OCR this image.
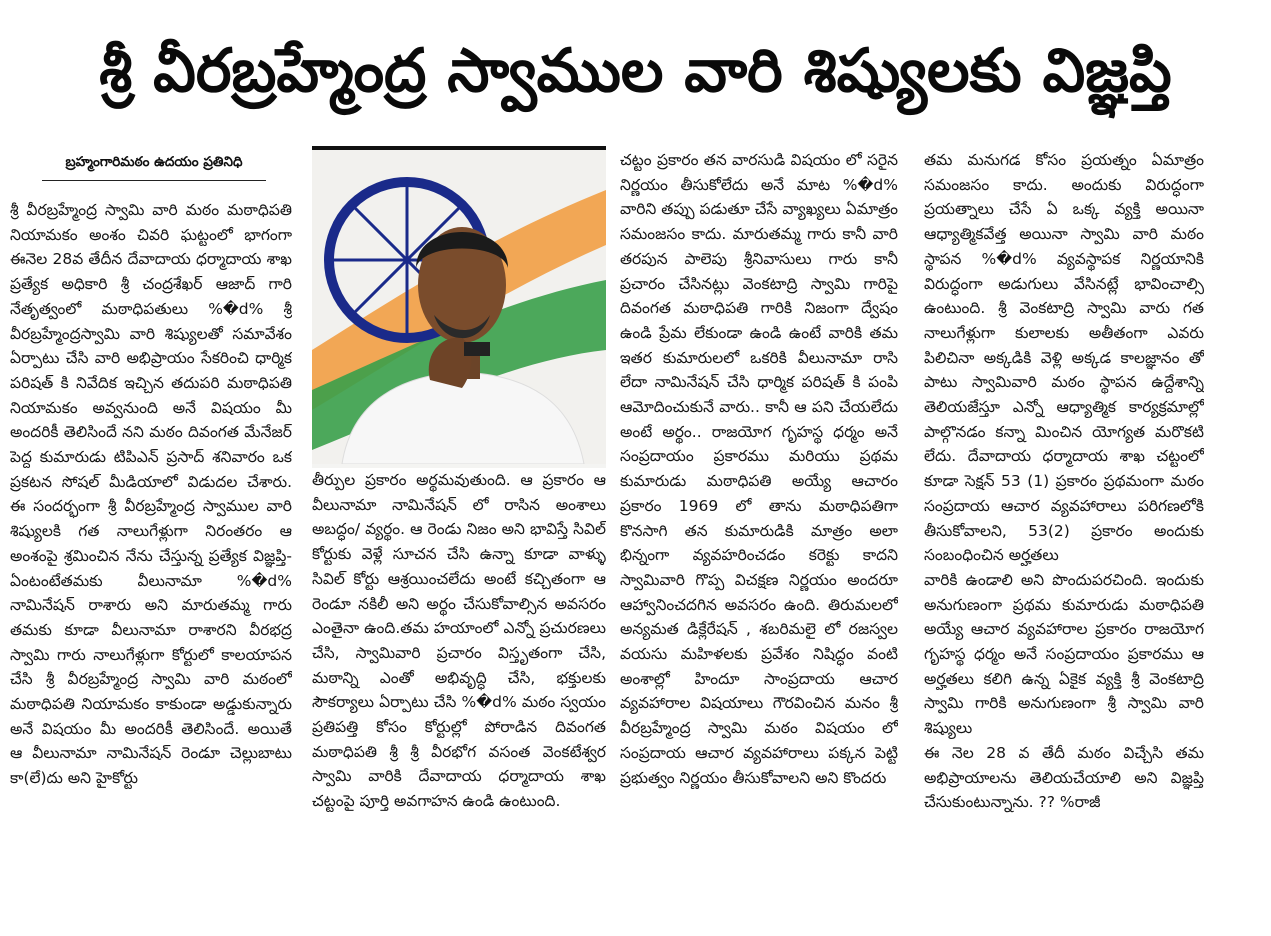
శ్రీ వీరబ్రహ్మేంద్ర స్వాముల వారి శిష్యులకు విజ్ఞప్తి
బ్రహ్మంగారిమఠం ఉదయం ప్రతినిధి

శ్రీ వీరబ్రహ్మేంద్ర స్వామి వారి మఠం మఠాధిపతి నియామకం అంశం చివరి ఘట్టంలో భాగంగా ఈనెల 28వ తేదీన దేవాదాయ ధర్మాదాయ శాఖ ప్రత్యేక అధికారి శ్రీ చంద్రశేఖర్ ఆజాద్ గారి నేతృత్వంలో మఠాధిపతులు %�d% శ్రీ వీరబ్రహ్మేంద్రస్వామి వారి శిష్యులతో సమావేశం ఏర్పాటు చేసి వారి అభిప్రాయం సేకరించి ధార్మిక పరిషత్ కి నివేదిక ఇచ్చిన తదుపరి మఠాధిపతి నియామకం అవ్వనుంది అనే విషయం మీ అందరికీ తెలిసిందే నని మఠం దివంగత మేనేజర్ పెద్ద కుమారుడు టిపిఎన్ ప్రసాద్ శనివారం ఒక ప్రకటన సోషల్ మీడియాలో విడుదల చేశారు. ఈ సందర్భంగా శ్రీ వీరబ్రహ్మేంద్ర స్వాముల వారి శిష్యులకి గత నాలుగేళ్లుగా నిరంతరం ఆ అంశంపై శ్రమించిన నేను చేస్తున్న ప్రత్యేక విజ్ఞప్తి- ఏంటంటేతమకు వీలునామా %�d% నామినేషన్ రాశారు అని మారుతమ్మ గారు తమకు కూడా వీలునామా రాశారని వీరభద్ర స్వామి గారు నాలుగేళ్లుగా కోర్టులో కాలయాపన చేసి శ్రీ వీరబ్రహ్మేంద్ర స్వామి వారి మఠంలో మఠాధిపతి నియామకం కాకుండా అడ్డుకున్నారు అనే విషయం మీ అందరికీ తెలిసిందే. అయితే ఆ వీలునామా నామినేషన్ రెండూ చెల్లుబాటు కా(లే)దు అని హైకోర్టు

తీర్పుల ప్రకారం అర్థమవుతుంది. ఆ ప్రకారం ఆ వీలునామా నామినేషన్ లో రాసిన అంశాలు అబద్ధం/ వ్యర్థం. ఆ రెండు నిజం అని భావిస్తే సివిల్ కోర్టుకు వెళ్లే సూచన చేసి ఉన్నా కూడా వాళ్ళు సివిల్ కోర్టు ఆశ్రయించలేదు అంటే కచ్చితంగా ఆ రెండూ నకిలీ అని అర్థం చేసుకోవాల్సిన అవసరం ఎంతైనా ఉంది.తమ హయాంలో ఎన్నో ప్రచురణలు చేసి, స్వామివారి ప్రచారం విస్తృతంగా చేసి, మఠాన్ని ఎంతో అభివృద్ధి చేసి, భక్తులకు సౌకర్యాలు ఏర్పాటు చేసి %�d% మఠం స్వయం ప్రతిపత్తి కోసం కోర్టుల్లో పోరాడిన దివంగత మఠాధిపతి శ్రీ శ్రీ వీరభోగ వసంత వెంకటేశ్వర స్వామి వారికి దేవాదాయ ధర్మాదాయ శాఖ చట్టంపై పూర్తి అవగాహన ఉండి ఉంటుంది.

చట్టం ప్రకారం తన వారసుడి విషయం లో సరైన నిర్ణయం తీసుకోలేదు అనే మాట %�d% వారిని తప్పు పడుతూ చేసే వ్యాఖ్యలు ఏమాత్రం సమంజసం కాదు. మారుతమ్మ గారు కానీ వారి తరపున పాలెపు శ్రీనివాసులు గారు కానీ ప్రచారం చేసినట్లు వెంకటాద్రి స్వామి గారిపై దివంగత మఠాధిపతి గారికి నిజంగా ద్వేషం ఉండి ప్రేమ లేకుండా ఉండి ఉంటే వారికి తమ ఇతర కుమారులలో ఒకరికి వీలునామా రాసి లేదా నామినేషన్ చేసి ధార్మిక పరిషత్ కి పంపి ఆమోదించుకునే వారు.. కానీ ఆ పని చేయలేదు అంటే అర్థం.. రాజయోగ గృహస్థ ధర్మం అనే సంప్రదాయం ప్రకారము మరియు ప్రథమ కుమారుడు మఠాధిపతి అయ్యే ఆచారం ప్రకారం 1969 లో తాను మఠాధిపతిగా కొనసాగి తన కుమారుడికి మాత్రం అలా భిన్నంగా వ్యవహరించడం కరెక్టు కాదని స్వామివారి గొప్ప విచక్షణ నిర్ణయం అందరూ ఆహ్వానించదగిన అవసరం ఉంది. తిరుమలలో అన్యమత డిక్లేరేషన్ , శబరిమలై లో రజస్వల వయసు మహిళలకు ప్రవేశం నిషిద్ధం వంటి అంశాల్లో హిందూ సాంప్రదాయ ఆచార వ్యవహారాల విషయాలు గౌరవించిన మనం శ్రీ వీరబ్రహ్మేంద్ర స్వామి మఠం విషయం లో సంప్రదాయ ఆచార వ్యవహారాలు పక్కన పెట్టి ప్రభుత్వం నిర్ణయం తీసుకోవాలని అని కొందరు

తమ మనుగడ కోసం ప్రయత్నం ఏమాత్రం సమంజసం కాదు. అందుకు విరుద్ధంగా ప్రయత్నాలు చేసే ఏ ఒక్క వ్యక్తి అయినా ఆధ్యాత్మికవేత్త అయినా స్వామి వారి మఠం స్థాపన %�d% వ్యవస్థాపక నిర్ణయానికి విరుద్ధంగా అడుగులు వేసినట్లే భావించాల్సి ఉంటుంది. శ్రీ వెంకటాద్రి స్వామి వారు గత నాలుగేళ్లుగా కులాలకు అతీతంగా ఎవరు పిలిచినా అక్కడికి వెళ్లి అక్కడ కాలజ్ఞానం తో పాటు స్వామివారి మఠం స్థాపన ఉద్దేశాన్ని తెలియజేస్తూ ఎన్నో ఆధ్యాత్మిక కార్యక్రమాల్లో పాల్గొనడం కన్నా మించిన యోగ్యత మరొకటి లేదు. దేవాదాయ ధర్మాదాయ శాఖ చట్టంలో కూడా సెక్షన్ 53 (1) ప్రకారం ప్రథమంగా మఠం సంప్రదాయ ఆచార వ్యవహారాలు పరిగణలోకి తీసుకోవాలని, 53(2) ప్రకారం అందుకు సంబంధించిన అర్హతలు

వారికి ఉండాలి అని పొందుపరచింది. ఇందుకు అనుగుణంగా ప్రథమ కుమారుడు మఠాధిపతి అయ్యే ఆచార వ్యవహారాల ప్రకారం రాజయోగ గృహస్థ ధర్మం అనే సంప్రదాయం ప్రకారము ఆ అర్హతలు కలిగి ఉన్న ఏకైక వ్యక్తి శ్రీ వెంకటాద్రి స్వామి గారికి అనుగుణంగా శ్రీ స్వామి వారి శిష్యులు

ఈ నెల 28 వ తేదీ మఠం విచ్చేసి తమ అభిప్రాయాలను తెలియచేయాలి అని విజ్ఞప్తి చేసుకుంటున్నాను. ?? %రాజీ
